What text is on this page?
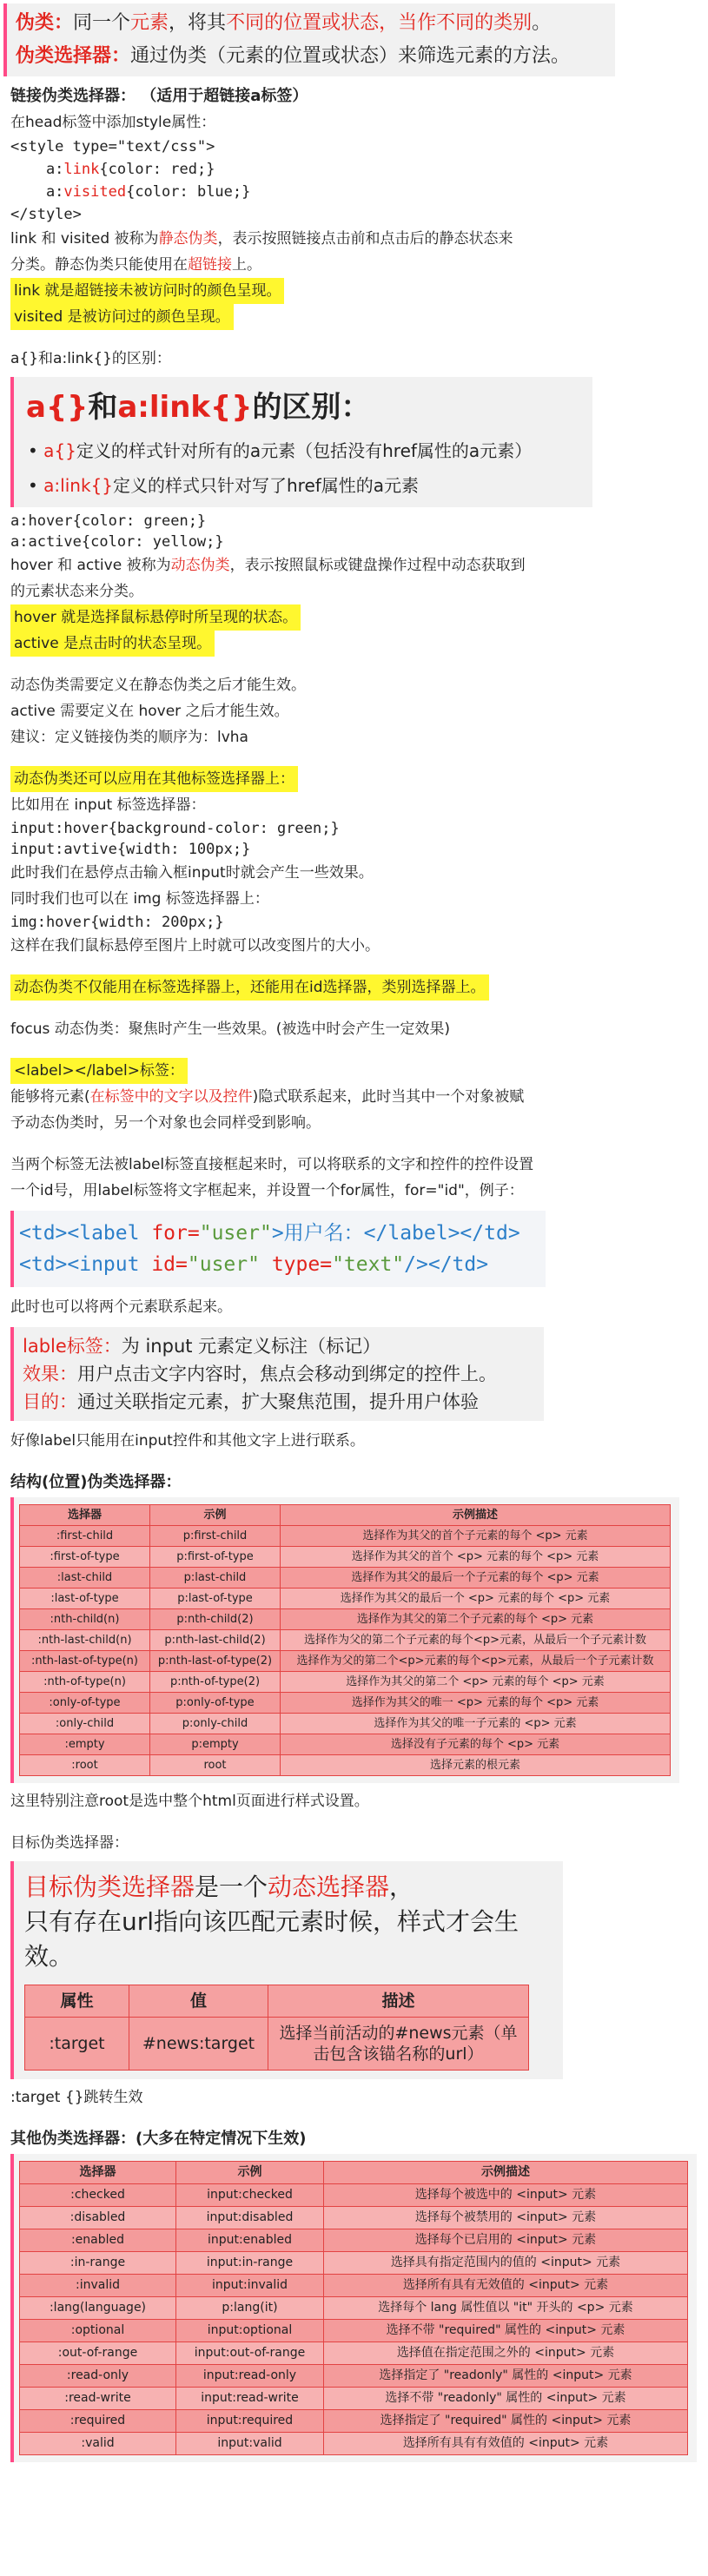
伪类：同一个元素，将其不同的位置或状态，当作不同的类别。
伪类选择器：通过伪类（元素的位置或状态）来筛选元素的方法。
链接伪类选择器： （适用于超链接a标签）
在head标签中添加style属性：
<style type="text/css">
a:link{color: red;}
a:visited{color: blue;}
</style>
link 和 visited 被称为静态伪类，表示按照链接点击前和点击后的静态状态来
分类。静态伪类只能使用在超链接上。
link 就是超链接未被访问时的颜色呈现。
visited 是被访问过的颜色呈现。
a{}和a:link{}的区别：
a{}和a:link{}的区别：
• a{}定义的样式针对所有的a元素（包括没有href属性的a元素）
• a:link{}定义的样式只针对写了href属性的a元素
a:hover{color: green;}
a:active{color: yellow;}
hover 和 active 被称为动态伪类，表示按照鼠标或键盘操作过程中动态获取到
的元素状态来分类。
hover 就是选择鼠标悬停时所呈现的状态。
active 是点击时的状态呈现。
动态伪类需要定义在静态伪类之后才能生效。
active 需要定义在 hover 之后才能生效。
建议：定义链接伪类的顺序为：lvha
动态伪类还可以应用在其他标签选择器上：
比如用在 input 标签选择器：
input:hover{background-color: green;}
input:avtive{width: 100px;}
此时我们在悬停点击输入框input时就会产生一些效果。
同时我们也可以在 img 标签选择器上：
img:hover{width: 200px;}
这样在我们鼠标悬停至图片上时就可以改变图片的大小。
动态伪类不仅能用在标签选择器上，还能用在id选择器，类别选择器上。
focus 动态伪类：聚焦时产生一些效果。(被选中时会产生一定效果)
<label></label>标签：
能够将元素(在标签中的文字以及控件)隐式联系起来，此时当其中一个对象被赋
予动态伪类时，另一个对象也会同样受到影响。
当两个标签无法被label标签直接框起来时，可以将联系的文字和控件的控件设置
一个id号，用label标签将文字框起来，并设置一个for属性，for="id"，例子：
<td><label for="user">用户名：</label></td>
<td><input id="user" type="text"/></td>
此时也可以将两个元素联系起来。
lable标签：为 input 元素定义标注（标记）
效果：用户点击文字内容时，焦点会移动到绑定的控件上。
目的：通过关联指定元素，扩大聚焦范围，提升用户体验
好像label只能用在input控件和其他文字上进行联系。
结构(位置)伪类选择器：
选择器	示例	示例描述
:first-child	p:first-child	选择作为其父的首个子元素的每个 <p> 元素
:first-of-type	p:first-of-type	选择作为其父的首个 <p> 元素的每个 <p> 元素
:last-child	p:last-child	选择作为其父的最后一个子元素的每个 <p> 元素
:last-of-type	p:last-of-type	选择作为其父的最后一个 <p> 元素的每个 <p> 元素
:nth-child(n)	p:nth-child(2)	选择作为其父的第二个子元素的每个 <p> 元素
:nth-last-child(n)	p:nth-last-child(2)	选择作为父的第二个子元素的每个<p>元素，从最后一个子元素计数
:nth-last-of-type(n)	p:nth-last-of-type(2)	选择作为父的第二个<p>元素的每个<p>元素，从最后一个子元素计数
:nth-of-type(n)	p:nth-of-type(2)	选择作为其父的第二个 <p> 元素的每个 <p> 元素
:only-of-type	p:only-of-type	选择作为其父的唯一 <p> 元素的每个 <p> 元素
:only-child	p:only-child	选择作为其父的唯一子元素的 <p> 元素
:empty	p:empty	选择没有子元素的每个 <p> 元素
:root	root	选择元素的根元素
这里特别注意root是选中整个html页面进行样式设置。
目标伪类选择器：
目标伪类选择器是一个动态选择器，
只有存在url指向该匹配元素时候，样式才会生效。
属性	值	描述
:target	#news:target	选择当前活动的#news元素（单击包含该锚名称的url）
:target {}跳转生效
其他伪类选择器：(大多在特定情况下生效)
选择器	示例	示例描述
:checked	input:checked	选择每个被选中的 <input> 元素
:disabled	input:disabled	选择每个被禁用的 <input> 元素
:enabled	input:enabled	选择每个已启用的 <input> 元素
:in-range	input:in-range	选择具有指定范围内的值的 <input> 元素
:invalid	input:invalid	选择所有具有无效值的 <input> 元素
:lang(language)	p:lang(it)	选择每个 lang 属性值以 "it" 开头的 <p> 元素
:optional	input:optional	选择不带 "required" 属性的 <input> 元素
:out-of-range	input:out-of-range	选择值在指定范围之外的 <input> 元素
:read-only	input:read-only	选择指定了 "readonly" 属性的 <input> 元素
:read-write	input:read-write	选择不带 "readonly" 属性的 <input> 元素
:required	input:required	选择指定了 "required" 属性的 <input> 元素
:valid	input:valid	选择所有具有有效值的 <input> 元素
